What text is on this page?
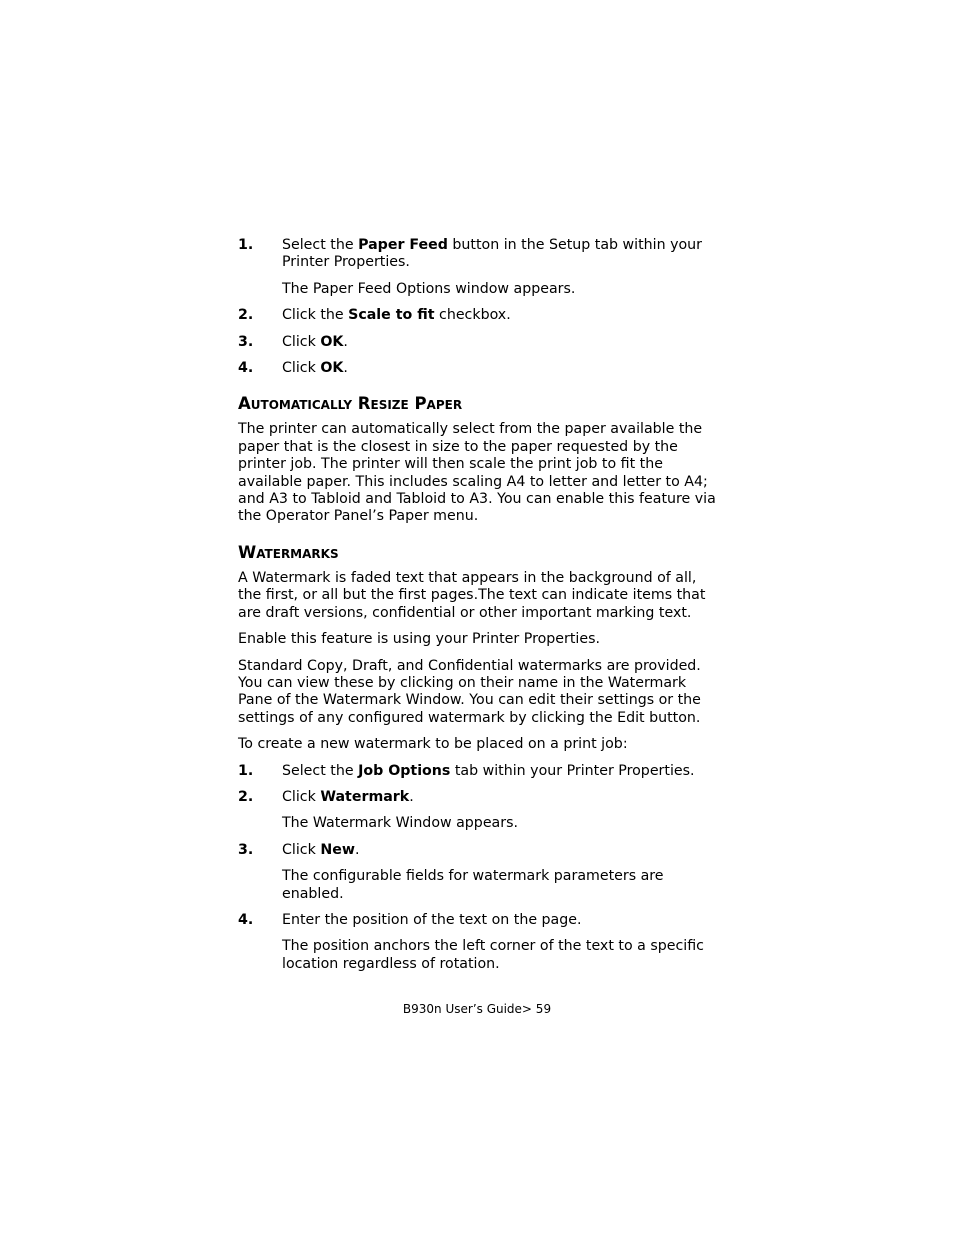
1. Select the Paper Feed button in the Setup tab within your Printer Properties.
The Paper Feed Options window appears.
2. Click the Scale to fit checkbox.
3. Click OK.
4. Click OK.
Automatically Resize Paper
The printer can automatically select from the paper available the paper that is the closest in size to the paper requested by the printer job. The printer will then scale the print job to fit the available paper. This includes scaling A4 to letter and letter to A4; and A3 to Tabloid and Tabloid to A3. You can enable this feature via the Operator Panel’s Paper menu.
Watermarks
A Watermark is faded text that appears in the background of all, the first, or all but the first pages.The text can indicate items that are draft versions, confidential or other important marking text.
Enable this feature is using your Printer Properties.
Standard Copy, Draft, and Confidential watermarks are provided. You can view these by clicking on their name in the Watermark Pane of the Watermark Window. You can edit their settings or the settings of any configured watermark by clicking the Edit button.
To create a new watermark to be placed on a print job:
1. Select the Job Options tab within your Printer Properties.
2. Click Watermark.
The Watermark Window appears.
3. Click New.
The configurable fields for watermark parameters are enabled.
4. Enter the position of the text on the page.
The position anchors the left corner of the text to a specific location regardless of rotation.
B930n User’s Guide> 59
